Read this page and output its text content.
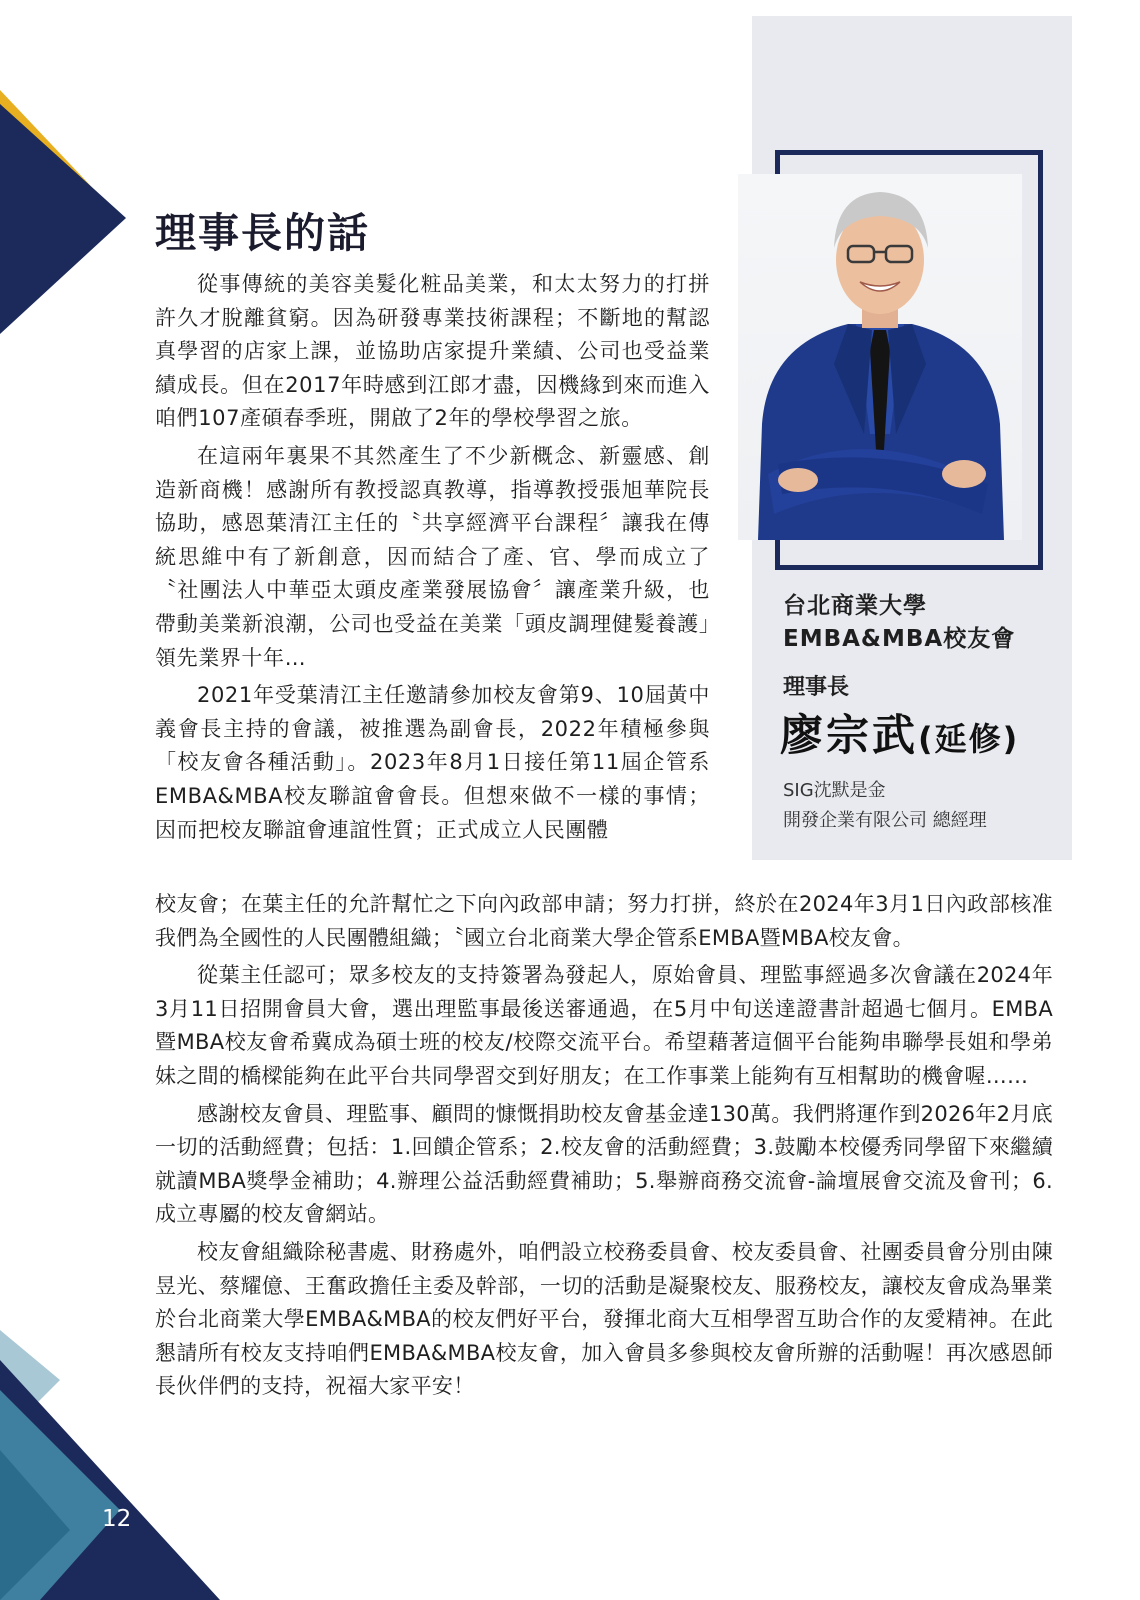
理事長的話

從事傳統的美容美髮化粧品美業，和太太努力的打拼許久才脫離貧窮。因為研發專業技術課程；不斷地的幫認真學習的店家上課，並協助店家提升業績、公司也受益業績成長。但在2017年時感到江郎才盡，因機緣到來而進入咱們107產碩春季班，開啟了2年的學校學習之旅。

在這兩年裏果不其然產生了不少新概念、新靈感、創造新商機！感謝所有教授認真教導，指導教授張旭華院長協助，感恩葉清江主任的〝共享經濟平台課程〞讓我在傳統思維中有了新創意，因而結合了產、官、學而成立了〝社團法人中華亞太頭皮產業發展協會〞讓產業升級，也帶動美業新浪潮，公司也受益在美業「頭皮調理健髮養護」領先業界十年…

2021年受葉清江主任邀請參加校友會第9、10屆黃中義會長主持的會議，被推選為副會長，2022年積極參與「校友會各種活動」。2023年8月1日接任第11屆企管系EMBA&MBA校友聯誼會會長。但想來做不一樣的事情；因而把校友聯誼會連誼性質；正式成立人民團體

校友會；在葉主任的允許幫忙之下向內政部申請；努力打拼，終於在2024年3月1日內政部核准我們為全國性的人民團體組織；〝國立台北商業大學企管系EMBA暨MBA校友會。

從葉主任認可；眾多校友的支持簽署為發起人，原始會員、理監事經過多次會議在2024年3月11日招開會員大會，選出理監事最後送審通過，在5月中旬送達證書計超過七個月。EMBA暨MBA校友會希冀成為碩士班的校友/校際交流平台。希望藉著這個平台能夠串聯學長姐和學弟妹之間的橋樑能夠在此平台共同學習交到好朋友；在工作事業上能夠有互相幫助的機會喔……

感謝校友會員、理監事、顧問的慷慨捐助校友會基金達130萬。我們將運作到2026年2月底一切的活動經費；包括：1.回饋企管系；2.校友會的活動經費；3.鼓勵本校優秀同學留下來繼續就讀MBA獎學金補助；4.辦理公益活動經費補助；5.舉辦商務交流會-論壇展會交流及會刊；6.成立專屬的校友會網站。

校友會組織除秘書處、財務處外，咱們設立校務委員會、校友委員會、社團委員會分別由陳昱光、蔡耀億、王奮政擔任主委及幹部，一切的活動是凝聚校友、服務校友，讓校友會成為畢業於台北商業大學EMBA&MBA的校友們好平台，發揮北商大互相學習互助合作的友愛精神。在此懇請所有校友支持咱們EMBA&MBA校友會，加入會員多參與校友會所辦的活動喔！再次感恩師長伙伴們的支持，祝福大家平安！

台北商業大學
EMBA&MBA校友會
理事長
廖宗武(延修)
SIG沈默是金
開發企業有限公司 總經理
12
